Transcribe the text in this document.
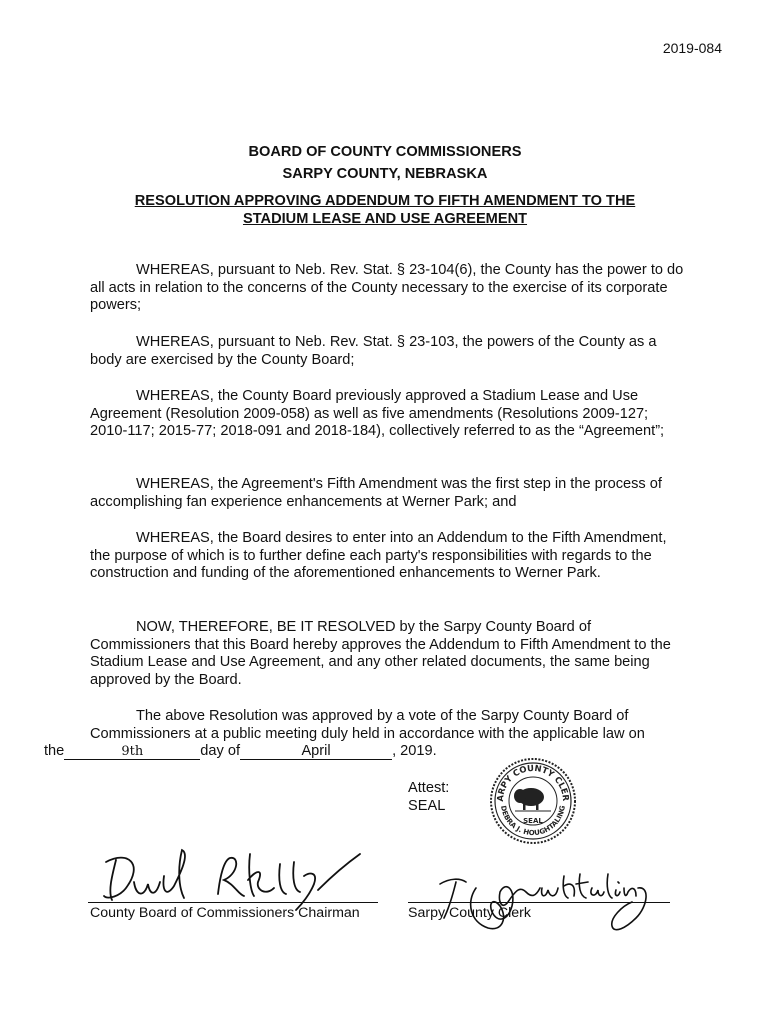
2019-084
BOARD OF COUNTY COMMISSIONERS
SARPY COUNTY, NEBRASKA
RESOLUTION APPROVING ADDENDUM TO FIFTH AMENDMENT TO THE
STADIUM LEASE AND USE AGREEMENT

WHEREAS, pursuant to Neb. Rev. Stat. § 23-104(6), the County has the power to do all acts in relation to the concerns of the County necessary to the exercise of its corporate powers;

WHEREAS, pursuant to Neb. Rev. Stat. § 23-103, the powers of the County as a body are exercised by the County Board;

WHEREAS, the County Board previously approved a Stadium Lease and Use Agreement (Resolution 2009-058) as well as five amendments (Resolutions 2009-127; 2010-117; 2015-77; 2018-091 and 2018-184), collectively referred to as the “Agreement”;

WHEREAS, the Agreement's Fifth Amendment was the first step in the process of accomplishing fan experience enhancements at Werner Park; and

WHEREAS, the Board desires to enter into an Addendum to the Fifth Amendment, the purpose of which is to further define each party's responsibilities with regards to the construction and funding of the aforementioned enhancements to Werner Park.

NOW, THEREFORE, BE IT RESOLVED by the Sarpy County Board of Commissioners that this Board hereby approves the Addendum to Fifth Amendment to the Stadium Lease and Use Agreement, and any other related documents, the same being approved by the Board.

The above Resolution was approved by a vote of the Sarpy County Board of Commissioners at a public meeting duly held in accordance with the applicable law on
the	9th	day of	April	, 2019.

Attest:
SEAL
SARPY COUNTY CLERK
DEBRA J. HOUGHTALING
SEAL
County Board of Commissioners Chairman	Sarpy County Clerk
